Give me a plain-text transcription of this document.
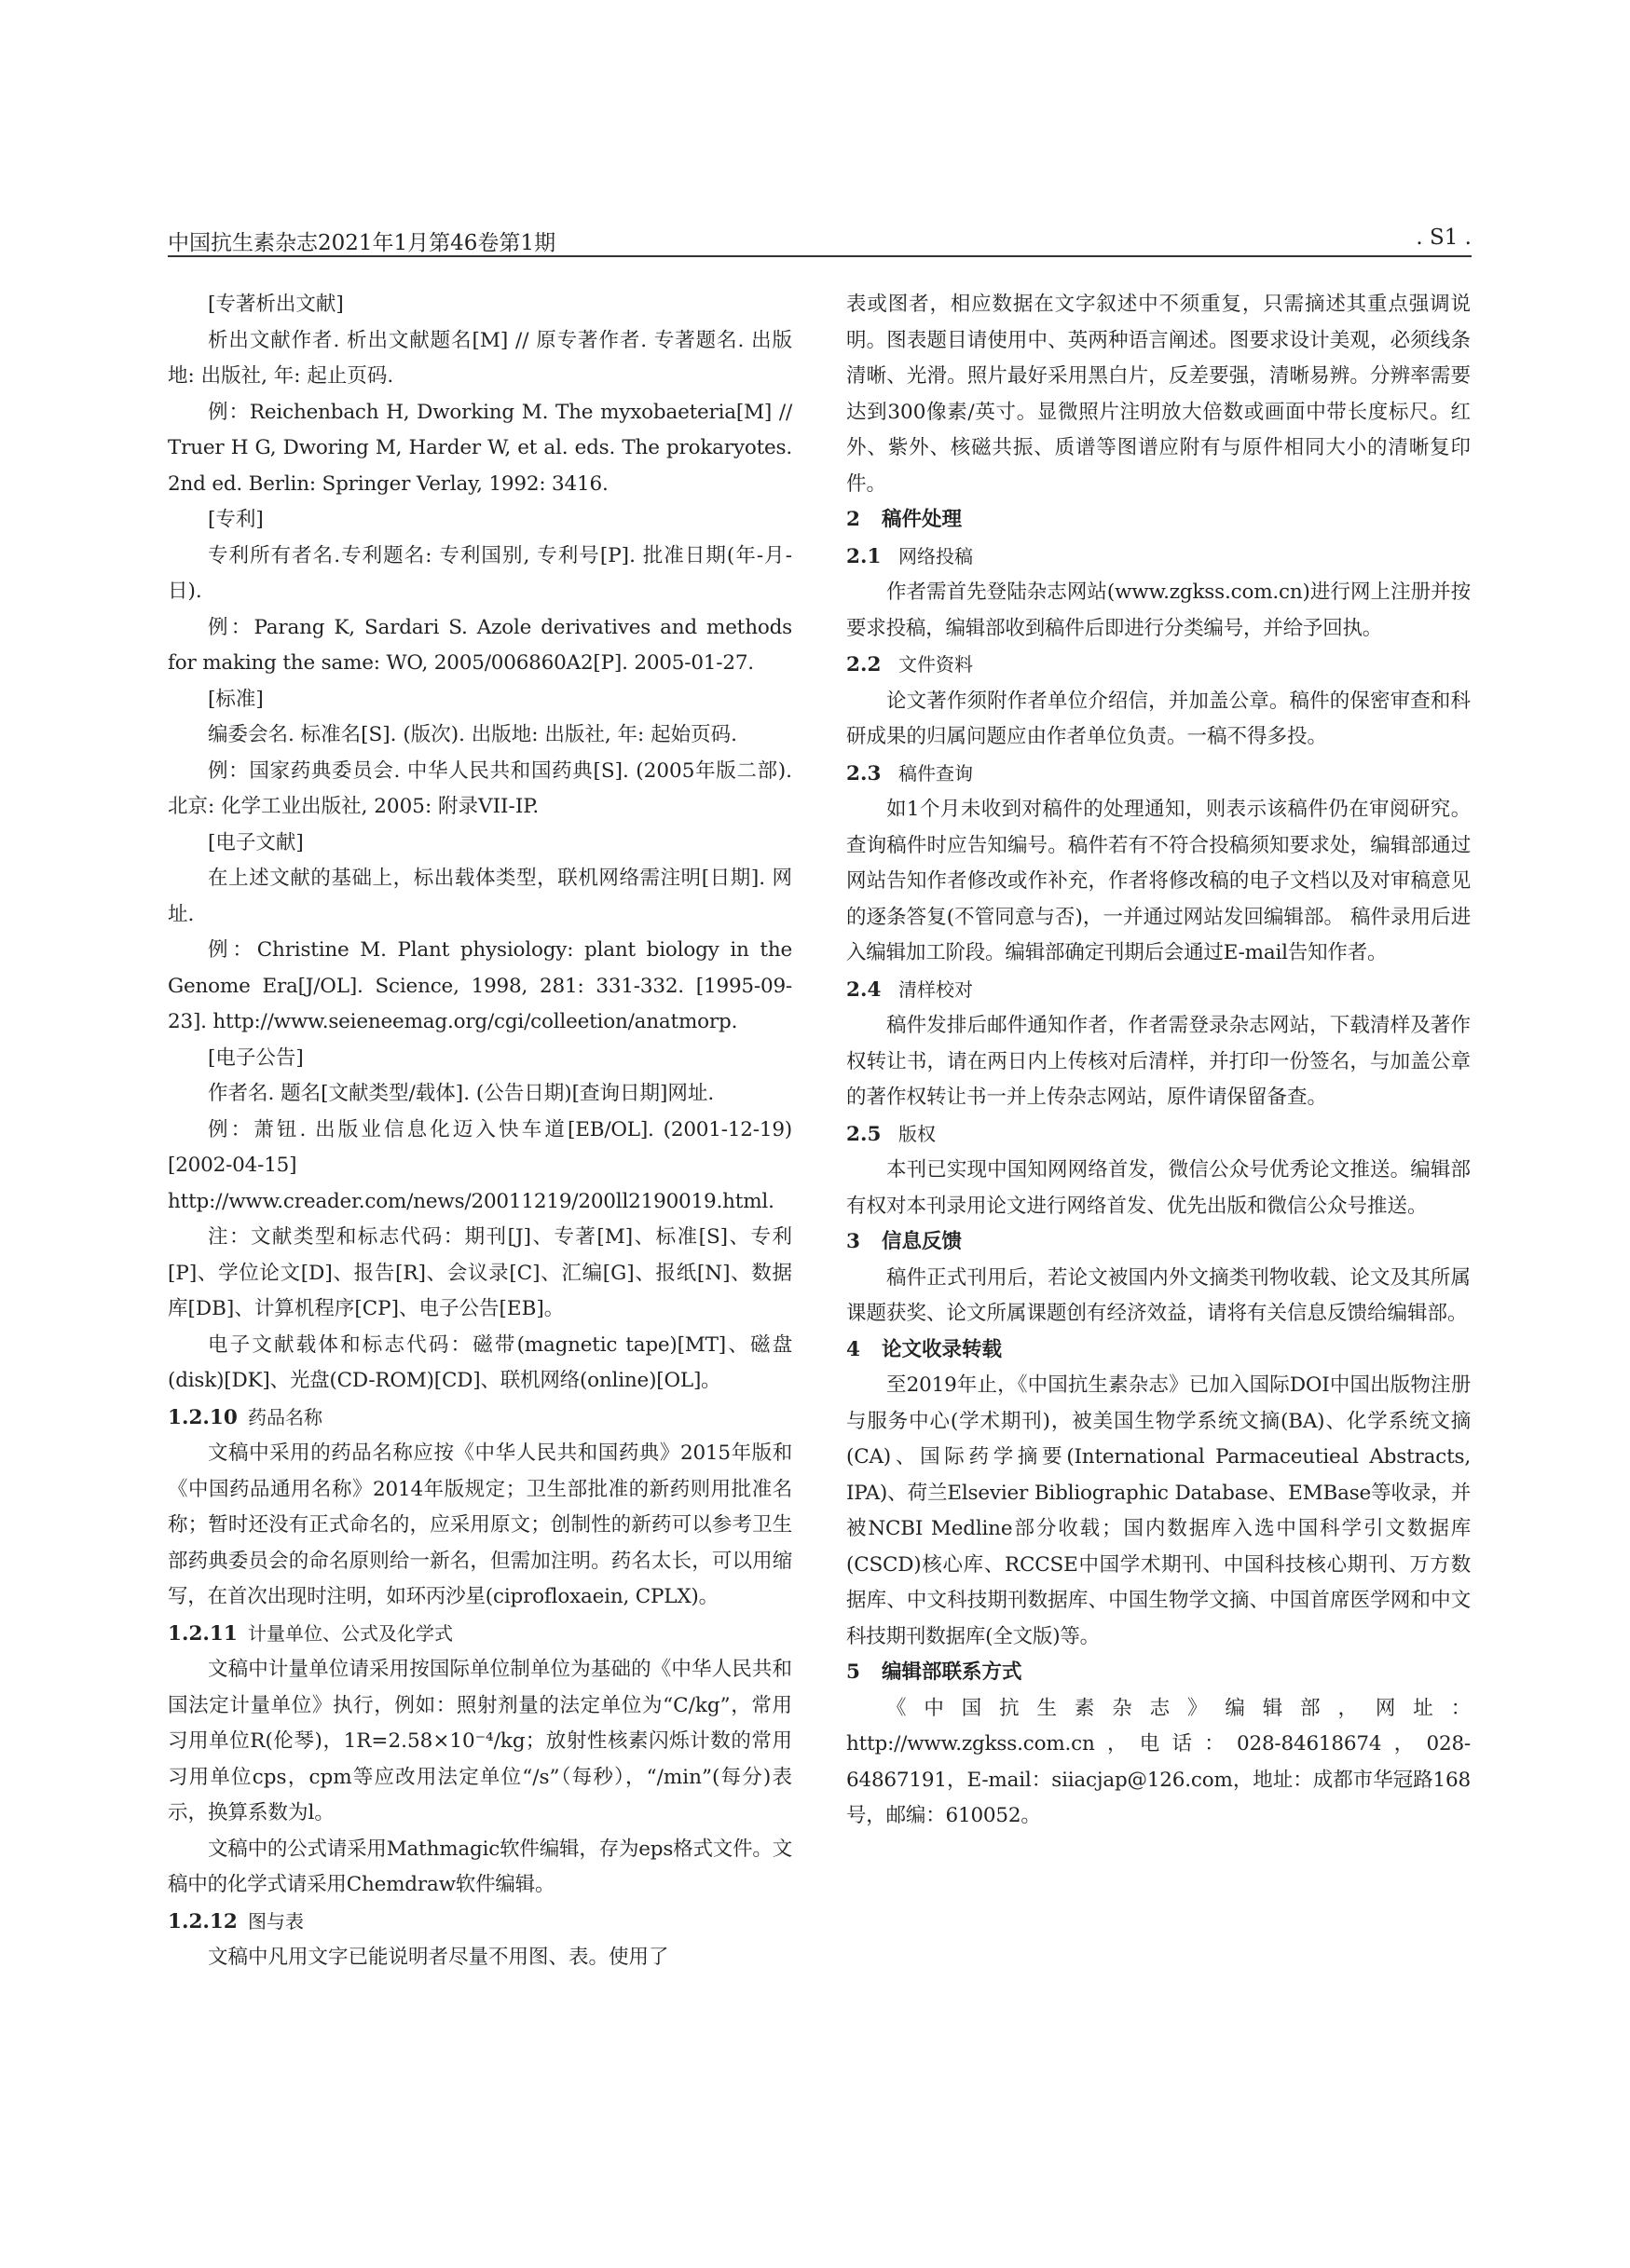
中国抗生素杂志2021年1月第46卷第1期	. S1 .

[专著析出文献]

析出文献作者. 析出文献题名[M] // 原专著作者. 专著题名. 出版地: 出版社, 年: 起止页码.

例：Reichenbach H, Dworking M. The myxobaeteria[M] // Truer H G, Dworing M, Harder W, et al. eds. The prokaryotes. 2nd ed. Berlin: Springer Verlay, 1992: 3416.

[专利]

专利所有者名.专利题名: 专利国别, 专利号[P]. 批准日期(年-月-日).

例：Parang K, Sardari S. Azole derivatives and methods for making the same: WO, 2005/006860A2[P]. 2005-01-27.

[标准]

编委会名. 标准名[S]. (版次). 出版地: 出版社, 年: 起始页码.

例：国家药典委员会. 中华人民共和国药典[S]. (2005年版二部). 北京: 化学工业出版社, 2005: 附录VII-IP.

[电子文献]

在上述文献的基础上，标出载体类型，联机网络需注明[日期]. 网址.

例：Christine M. Plant physiology: plant biology in the Genome Era[J/OL]. Science, 1998, 281: 331-332. [1995-09-23]. http://www.seieneemag.org/cgi/colleetion/anatmorp.

[电子公告]

作者名. 题名[文献类型/载体]. (公告日期)[查询日期]网址.

例：萧钮. 出版业信息化迈入快车道[EB/OL]. (2001-12-19) [2002-04-15] http://www.creader.com/news/20011219/200ll2190019.html.

注：文献类型和标志代码：期刊[J]、专著[M]、标准[S]、专利[P]、学位论文[D]、报告[R]、会议录[C]、汇编[G]、报纸[N]、数据库[DB]、计算机程序[CP]、电子公告[EB]。

电子文献载体和标志代码：磁带(magnetic tape)[MT]、磁盘(disk)[DK]、光盘(CD-ROM)[CD]、联机网络(online)[OL]。

1.2.10 药品名称

文稿中采用的药品名称应按《中华人民共和国药典》2015年版和《中国药品通用名称》2014年版规定；卫生部批准的新药则用批准名称；暂时还没有正式命名的，应采用原文；创制性的新药可以参考卫生部药典委员会的命名原则给一新名，但需加注明。药名太长，可以用缩写，在首次出现时注明，如环丙沙星(ciprofloxaein, CPLX)。

1.2.11 计量单位、公式及化学式

文稿中计量单位请采用按国际单位制单位为基础的《中华人民共和国法定计量单位》执行，例如：照射剂量的法定单位为“C/kg”，常用习用单位R(伦琴)，1R=2.58×10⁻⁴/kg；放射性核素闪烁计数的常用习用单位cps，cpm等应改用法定单位“/s”（每秒），“/min”(每分)表示，换算系数为l。

文稿中的公式请采用Mathmagic软件编辑，存为eps格式文件。文稿中的化学式请采用Chemdraw软件编辑。

1.2.12 图与表

文稿中凡用文字已能说明者尽量不用图、表。使用了

表或图者，相应数据在文字叙述中不须重复，只需摘述其重点强调说明。图表题目请使用中、英两种语言阐述。图要求设计美观，必须线条清晰、光滑。照片最好采用黑白片，反差要强，清晰易辨。分辨率需要达到300像素/英寸。显微照片注明放大倍数或画面中带长度标尺。红外、紫外、核磁共振、质谱等图谱应附有与原件相同大小的清晰复印件。

2 稿件处理

2.1 网络投稿

作者需首先登陆杂志网站(www.zgkss.com.cn)进行网上注册并按要求投稿，编辑部收到稿件后即进行分类编号，并给予回执。

2.2 文件资料

论文著作须附作者单位介绍信，并加盖公章。稿件的保密审查和科研成果的归属问题应由作者单位负责。一稿不得多投。

2.3 稿件查询

如1个月未收到对稿件的处理通知，则表示该稿件仍在审阅研究。查询稿件时应告知编号。稿件若有不符合投稿须知要求处，编辑部通过网站告知作者修改或作补充，作者将修改稿的电子文档以及对审稿意见的逐条答复(不管同意与否)，一并通过网站发回编辑部。 稿件录用后进入编辑加工阶段。编辑部确定刊期后会通过E-mail告知作者。

2.4 清样校对

稿件发排后邮件通知作者，作者需登录杂志网站，下载清样及著作权转让书，请在两日内上传核对后清样，并打印一份签名，与加盖公章的著作权转让书一并上传杂志网站，原件请保留备查。

2.5 版权

本刊已实现中国知网网络首发，微信公众号优秀论文推送。编辑部有权对本刊录用论文进行网络首发、优先出版和微信公众号推送。

3 信息反馈

稿件正式刊用后，若论文被国内外文摘类刊物收载、论文及其所属课题获奖、论文所属课题创有经济效益，请将有关信息反馈给编辑部。

4 论文收录转载

至2019年止，《中国抗生素杂志》已加入国际DOI中国出版物注册与服务中心(学术期刊)，被美国生物学系统文摘(BA)、化学系统文摘(CA)、国际药学摘要(International Parmaceutieal Abstracts, IPA)、荷兰Elsevier Bibliographic Database、EMBase等收录，并被NCBI Medline部分收载；国内数据库入选中国科学引文数据库(CSCD)核心库、RCCSE中国学术期刊、中国科技核心期刊、万方数据库、中文科技期刊数据库、中国生物学文摘、中国首席医学网和中文科技期刊数据库(全文版)等。

5 编辑部联系方式

《中国抗生素杂志》编辑部，网址：http://www.zgkss.com.cn，电话：028-84618674，028-64867191，E-mail：siiacjap@126.com，地址：成都市华冠路168号，邮编：610052。
